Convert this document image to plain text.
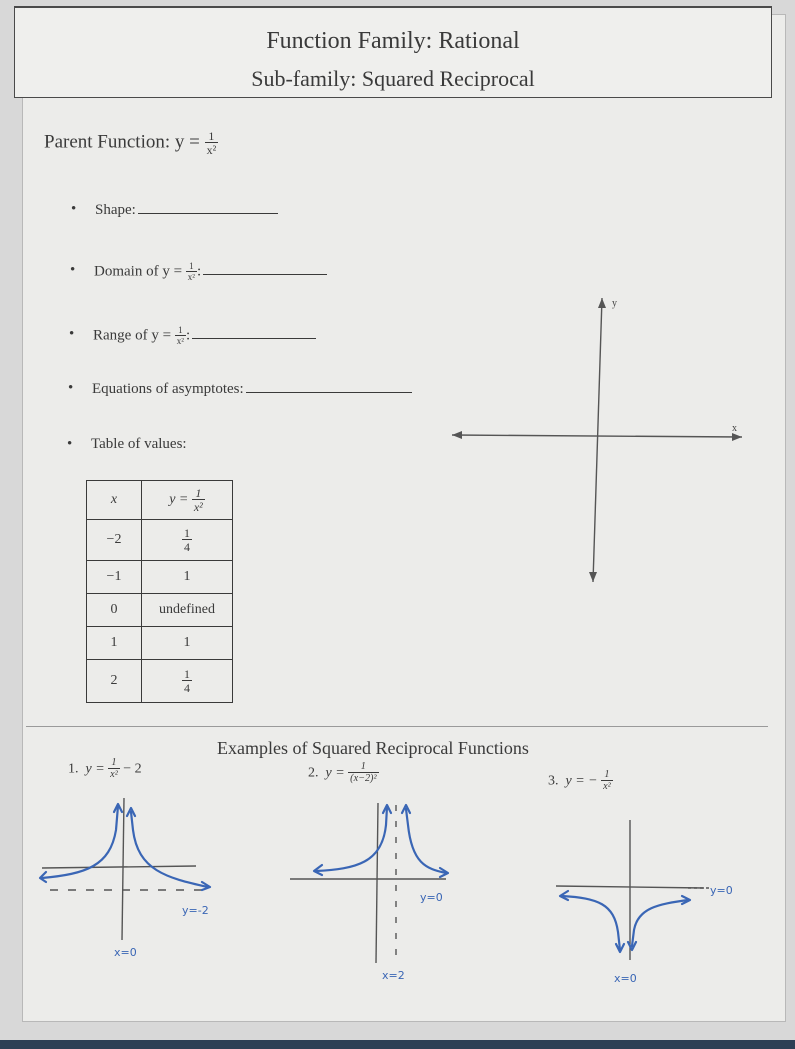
Function Family: Rational
Sub-family: Squared Reciprocal
Parent Function: $y = \frac{1}{\text{x²}}$
• Shape:
• Domain of $y = \frac{1}{\text{x²}}$ :
• Range of $y = \frac{1}{\text{x²}}$ :
• Equations of asymptotes:
• Table of values:
x	$y = \frac{1}{\text{x²}}$

−2	$\frac{1}{4}$

−1	1
0	undefined
1	1
2	$\frac{1}{4}$
y
x
Examples of Squared Reciprocal Functions
1. $y = \frac{1}{\text{x²}} - 2$	2. $y = \frac{1}{\text{(x−2)²}}$	3. y = − $\frac{1}{\text{x²}}$
y=-2
x=0
y=0
x=2
y=0
x=0
